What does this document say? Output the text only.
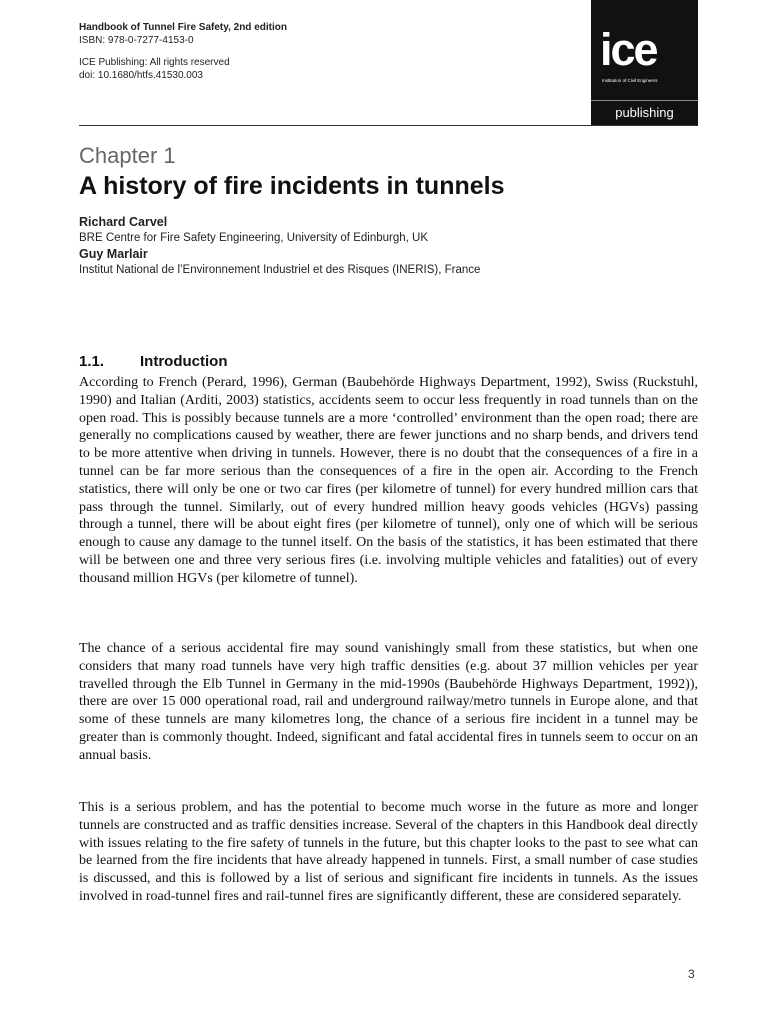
Handbook of Tunnel Fire Safety, 2nd edition
ISBN: 978-0-7277-4153-0
ICE Publishing: All rights reserved
doi: 10.1680/htfs.41530.003
ice
Institution of Civil Engineers
publishing
Chapter 1
A history of fire incidents in tunnels
Richard Carvel
BRE Centre for Fire Safety Engineering, University of Edinburgh, UK
Guy Marlair
Institut National de l’Environnement Industriel et des Risques (INERIS), France
1.1. Introduction

According to French (Perard, 1996), German (Baubehörde Highways Department, 1992), Swiss (Ruckstuhl, 1990) and Italian (Arditi, 2003) statistics, accidents seem to occur less frequently in road tunnels than on the open road. This is possibly because tunnels are a more ‘controlled’ environment than the open road; there are generally no complications caused by weather, there are fewer junctions and no sharp bends, and drivers tend to be more attentive when driving in tunnels. However, there is no doubt that the consequences of a fire in a tunnel can be far more serious than the consequences of a fire in the open air. According to the French statistics, there will only be one or two car fires (per kilometre of tunnel) for every hundred million cars that pass through the tunnel. Similarly, out of every hundred million heavy goods vehicles (HGVs) passing through a tunnel, there will be about eight fires (per kilometre of tunnel), only one of which will be serious enough to cause any damage to the tunnel itself. On the basis of the statistics, it has been estimated that there will be between one and three very serious fires (i.e. involving multiple vehicles and fatalities) out of every thousand million HGVs (per kilometre of tunnel).

The chance of a serious accidental fire may sound vanishingly small from these statistics, but when one considers that many road tunnels have very high traffic densities (e.g. about 37 million vehicles per year travelled through the Elb Tunnel in Germany in the mid-1990s (Baubehörde Highways Department, 1992)), there are over 15 000 operational road, rail and underground railway/metro tunnels in Europe alone, and that some of these tunnels are many kilometres long, the chance of a serious fire incident in a tunnel may be greater than is commonly thought. Indeed, significant and fatal accidental fires in tunnels seem to occur on an annual basis.

This is a serious problem, and has the potential to become much worse in the future as more and longer tunnels are constructed and as traffic densities increase. Several of the chapters in this Handbook deal directly with issues relating to the fire safety of tunnels in the future, but this chapter looks to the past to see what can be learned from the fire incidents that have already happened in tunnels. First, a small number of case studies is discussed, and this is followed by a list of serious and significant fire incidents in tunnels. As the issues involved in road-tunnel fires and rail-tunnel fires are significantly different, these are considered separately.

3
